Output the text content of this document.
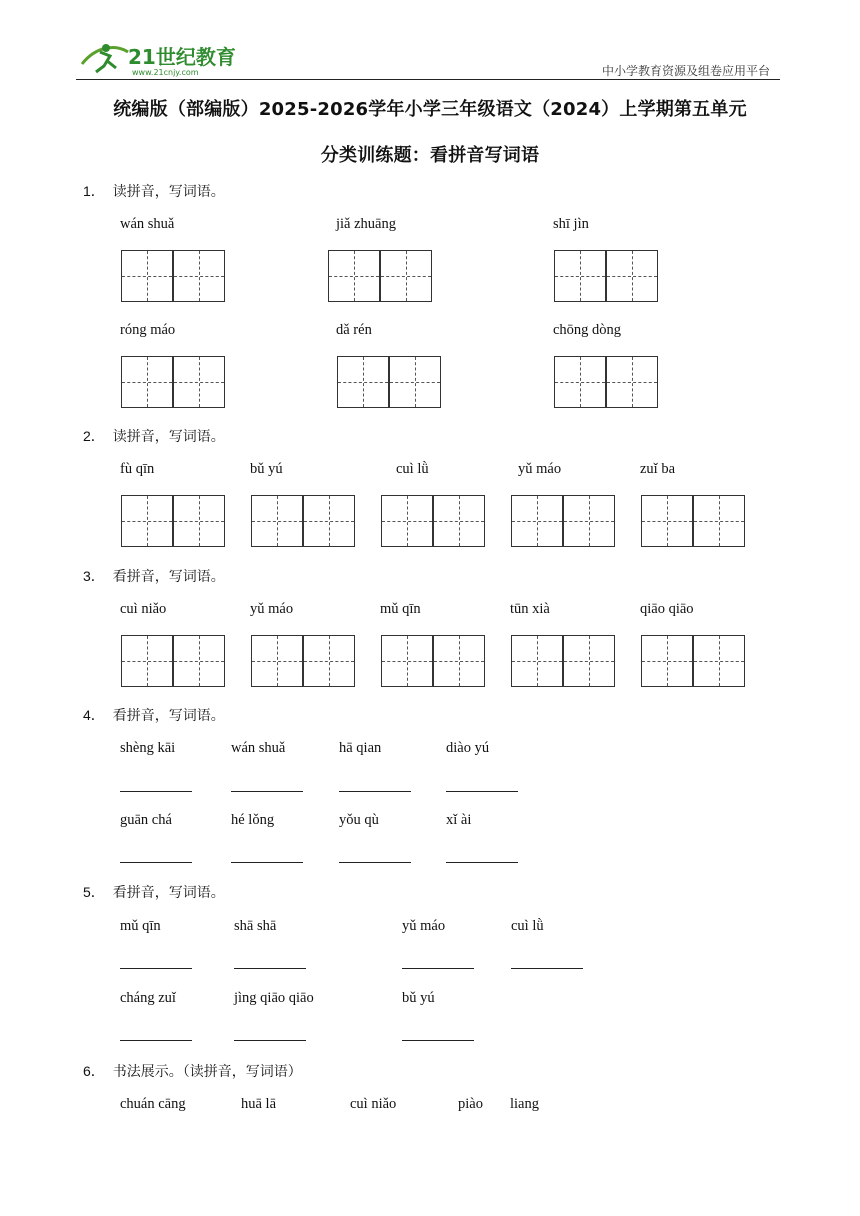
21世纪教育
www.21cnjy.com	中小学教育资源及组卷应用平台
统编版（部编版）2025-2026学年小学三年级语文（2024）上学期第五单元
分类训练题：看拼音写词语
1． 读拼音，写词语。
wán shuǎ	jiǎ zhuāng	shī jìn
róng máo	dǎ rén	chōng dòng
2． 读拼音，写词语。
fù qīn	bǔ yú	cuì lǜ	yǔ máo	zuǐ ba
3． 看拼音，写词语。
cuì niǎo	yǔ máo	mǔ qīn	tūn xià	qiāo qiāo
4． 看拼音，写词语。
shèng kāi	wán shuǎ	hā qian	diào yú
guān chá	hé lǒng	yǒu qù	xǐ ài
5． 看拼音，写词语。
mǔ qīn	shā shā	yǔ máo	cuì lǜ
cháng zuǐ	jìng qiāo qiāo	bǔ yú
6． 书法展示。（读拼音，写词语）
chuán cāng	huā lā	cuì niǎo	piào liang
